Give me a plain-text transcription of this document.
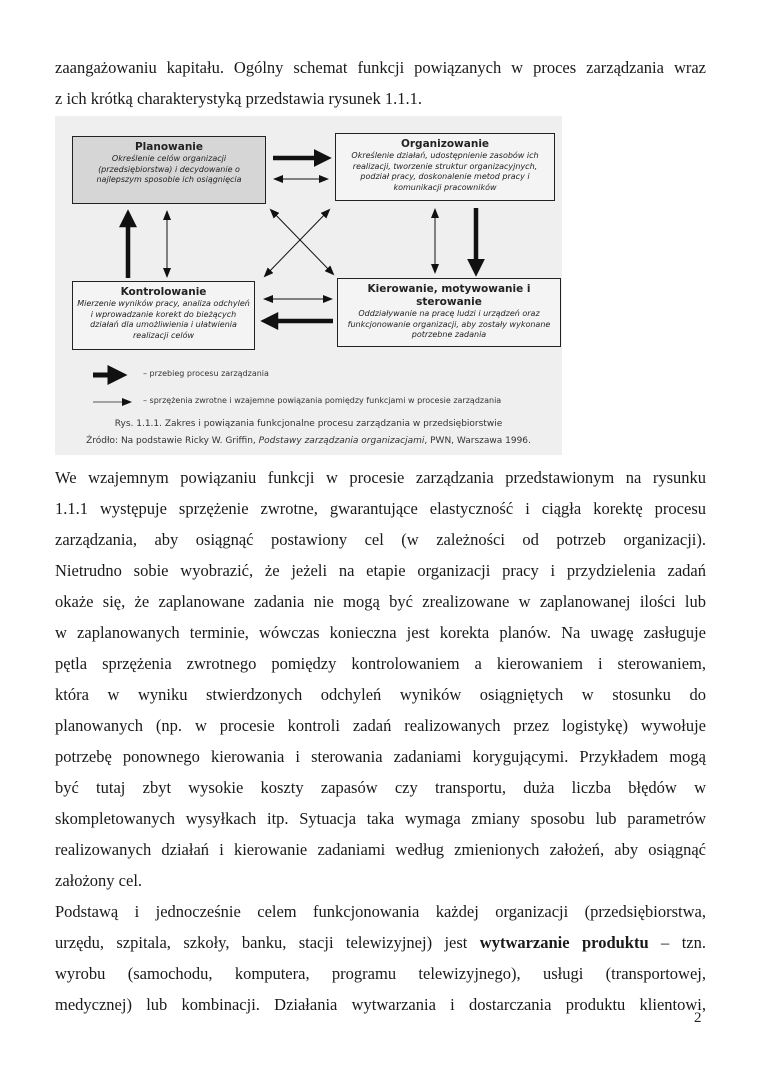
zaangażowaniu kapitału. Ogólny schemat funkcji powiązanych w proces zarządzania wraz
z ich krótką charakterystyką przedstawia rysunek 1.1.1.
Planowanie
Określenie celów organizacji (przedsiębiorstwa) i decydowanie o najlepszym sposobie ich osiągnięcia
Organizowanie
Określenie działań, udostępnienie zasobów ich realizacji, tworzenie struktur organizacyjnych, podział pracy, doskonalenie metod pracy i komunikacji pracowników
Kontrolowanie
Mierzenie wyników pracy, analiza odchyleń i wprowadzanie korekt do bieżących działań dla umożliwienia i ułatwienia realizacji celów
Kierowanie, motywowanie i sterowanie
Oddziaływanie na pracę ludzi i urządzeń oraz funkcjonowanie organizacji, aby zostały wykonane potrzebne zadania
– przebieg procesu zarządzania
– sprzężenia zwrotne i wzajemne powiązania pomiędzy funkcjami w procesie zarządzania
Rys. 1.1.1. Zakres i powiązania funkcjonalne procesu zarządzania w przedsiębiorstwie
Źródło: Na podstawie Ricky W. Griffin, Podstawy zarządzania organizacjami, PWN, Warszawa 1996.
We wzajemnym powiązaniu funkcji w procesie zarządzania przedstawionym na rysunku
1.1.1 występuje sprzężenie zwrotne, gwarantujące elastyczność i ciągła korektę procesu
zarządzania, aby osiągnąć postawiony cel (w zależności od potrzeb organizacji).
Nietrudno sobie wyobrazić, że jeżeli na etapie organizacji pracy i przydzielenia zadań
okaże się, że zaplanowane zadania nie mogą być zrealizowane w zaplanowanej ilości lub
w zaplanowanych terminie, wówczas konieczna jest korekta planów. Na uwagę zasługuje
pętla sprzężenia zwrotnego pomiędzy kontrolowaniem a kierowaniem i sterowaniem,
która w wyniku stwierdzonych odchyleń wyników osiągniętych w stosunku do
planowanych (np. w procesie kontroli zadań realizowanych przez logistykę) wywołuje
potrzebę ponownego kierowania i sterowania zadaniami korygującymi. Przykładem mogą
być tutaj zbyt wysokie koszty zapasów czy transportu, duża liczba błędów w
skompletowanych wysyłkach itp. Sytuacja taka wymaga zmiany sposobu lub parametrów
realizowanych działań i kierowanie zadaniami według zmienionych założeń, aby osiągnąć
założony cel.
Podstawą i jednocześnie celem funkcjonowania każdej organizacji (przedsiębiorstwa,
urzędu, szpitala, szkoły, banku, stacji telewizyjnej) jest wytwarzanie produktu – tzn.
wyrobu (samochodu, komputera, programu telewizyjnego), usługi (transportowej,
medycznej) lub kombinacji. Działania wytwarzania i dostarczania produktu klientowi,
2
